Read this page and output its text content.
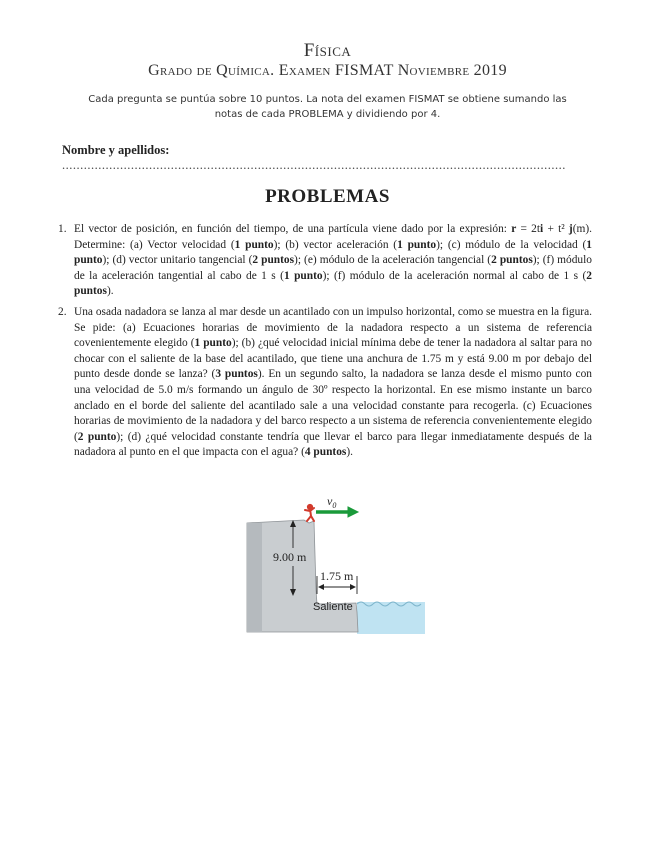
Física
Grado de Química. Examen FISMAT Noviembre 2019
Cada pregunta se puntúa sobre 10 puntos. La nota del examen FISMAT se obtiene sumando las notas de cada PROBLEMA y dividiendo por 4.
Nombre y apellidos: ...........................................................................................................................................
PROBLEMAS
1. El vector de posición, en función del tiempo, de una partícula viene dado por la expresión: r = 2ti + t² j(m). Determine: (a) Vector velocidad (1 punto); (b) vector aceleración (1 punto); (c) módulo de la velocidad (1 punto); (d) vector unitario tangencial (2 puntos); (e) módulo de la aceleración tangencial (2 puntos); (f) módulo de la aceleración tangential al cabo de 1 s (1 punto); (f) módulo de la aceleración normal al cabo de 1 s (2 puntos).
2. Una osada nadadora se lanza al mar desde un acantilado con un impulso horizontal, como se muestra en la figura. Se pide: (a) Ecuaciones horarias de movimiento de la nadadora respecto a un sistema de referencia covenientemente elegido (1 punto); (b) ¿qué velocidad inicial mínima debe de tener la nadadora al saltar para no chocar con el saliente de la base del acantilado, que tiene una anchura de 1.75 m y está 9.00 m por debajo del punto desde donde se lanza? (3 puntos). En un segundo salto, la nadadora se lanza desde el mismo punto con una velocidad de 5.0 m/s formando un ángulo de 30º respecto la horizontal. En ese mismo instante un barco anclado en el borde del saliente del acantilado sale a una velocidad constante para recogerla. (c) Ecuaciones horarias de movimiento de la nadadora y del barco respecto a un sistema de referencia convenientemente elegido (2 punto); (d) ¿qué velocidad constante tendría que llevar el barco para llegar inmediatamente después de la nadadora al punto en el que impacta con el agua? (4 puntos).
$v_0$
9.00 m
1.75 m
Saliente
